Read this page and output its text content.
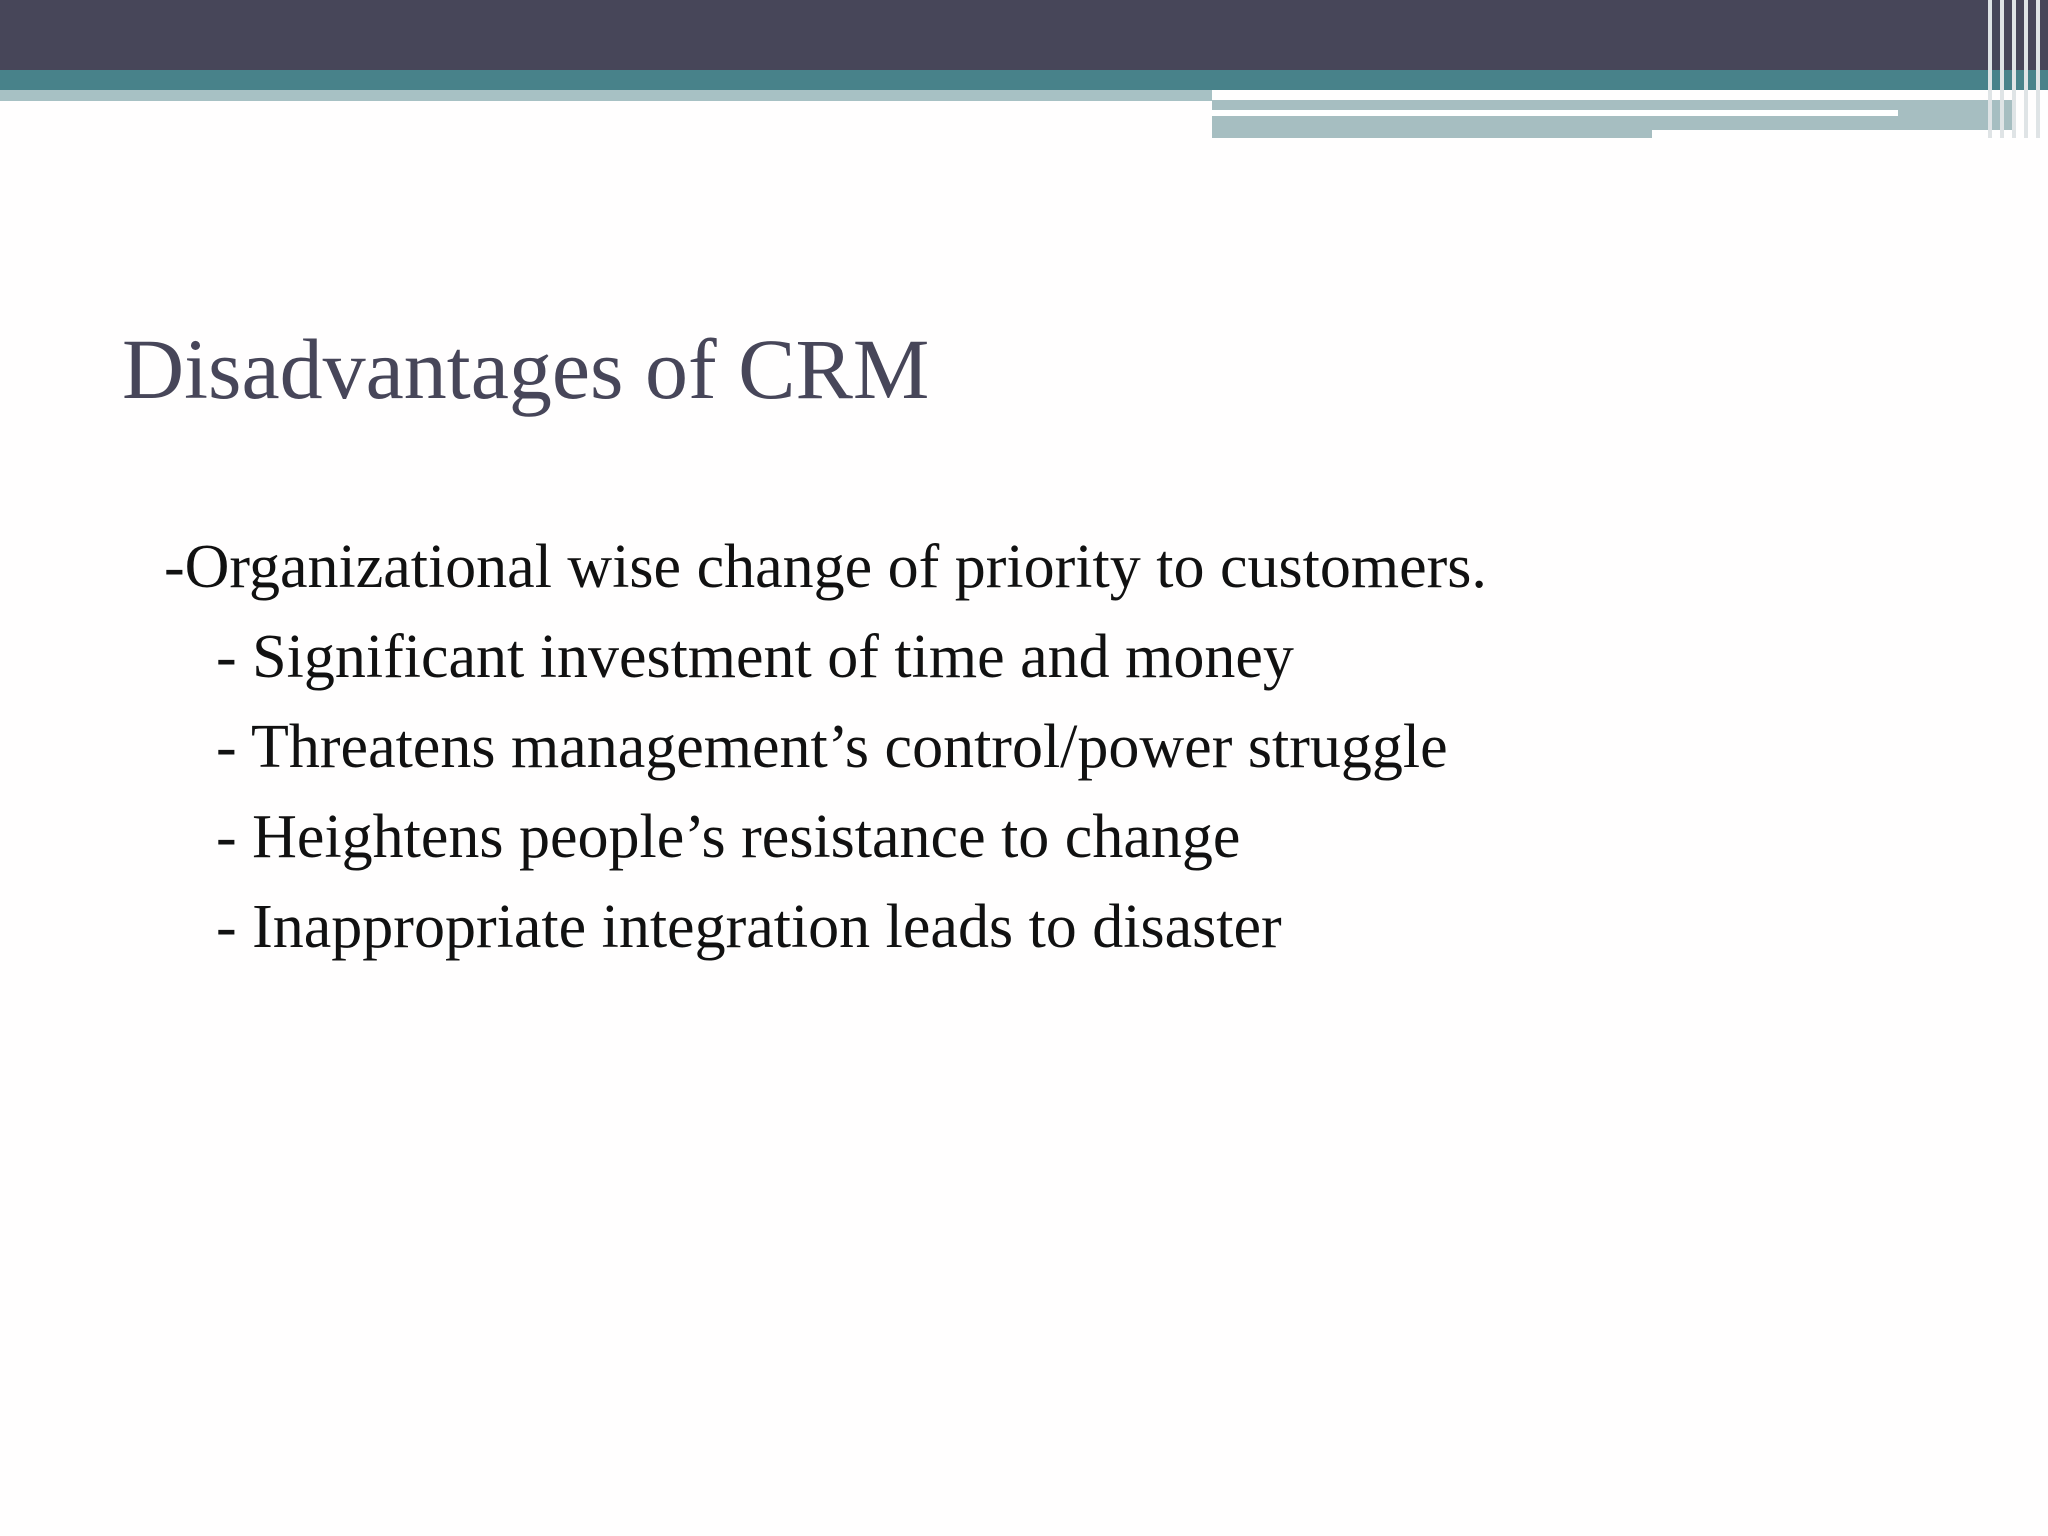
Disadvantages of CRM
-Organizational wise change of priority to customers.
- Significant investment of time and money
- Threatens management’s control/power struggle
- Heightens people’s resistance to change
- Inappropriate integration leads to disaster
